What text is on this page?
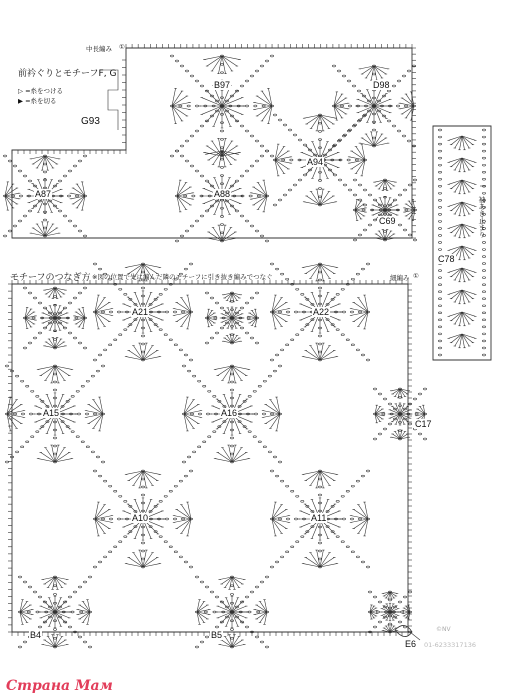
前衿ぐりとモチーフF, G
▷ =糸をつける
▶ =糸を切る
中長編み ①
B97	D98
G93
A87	A88
A94
C69	袖あき止まり
C78
モチーフのつなぎ方 ※図の位置で先に編んだ隣のモチーフに引き抜き編みでつなぐ	細編み ①
A21	A22
A15	A16
A10	A11
C17
B4	B5
E6
©NV
01-6233317136
Страна Мам
